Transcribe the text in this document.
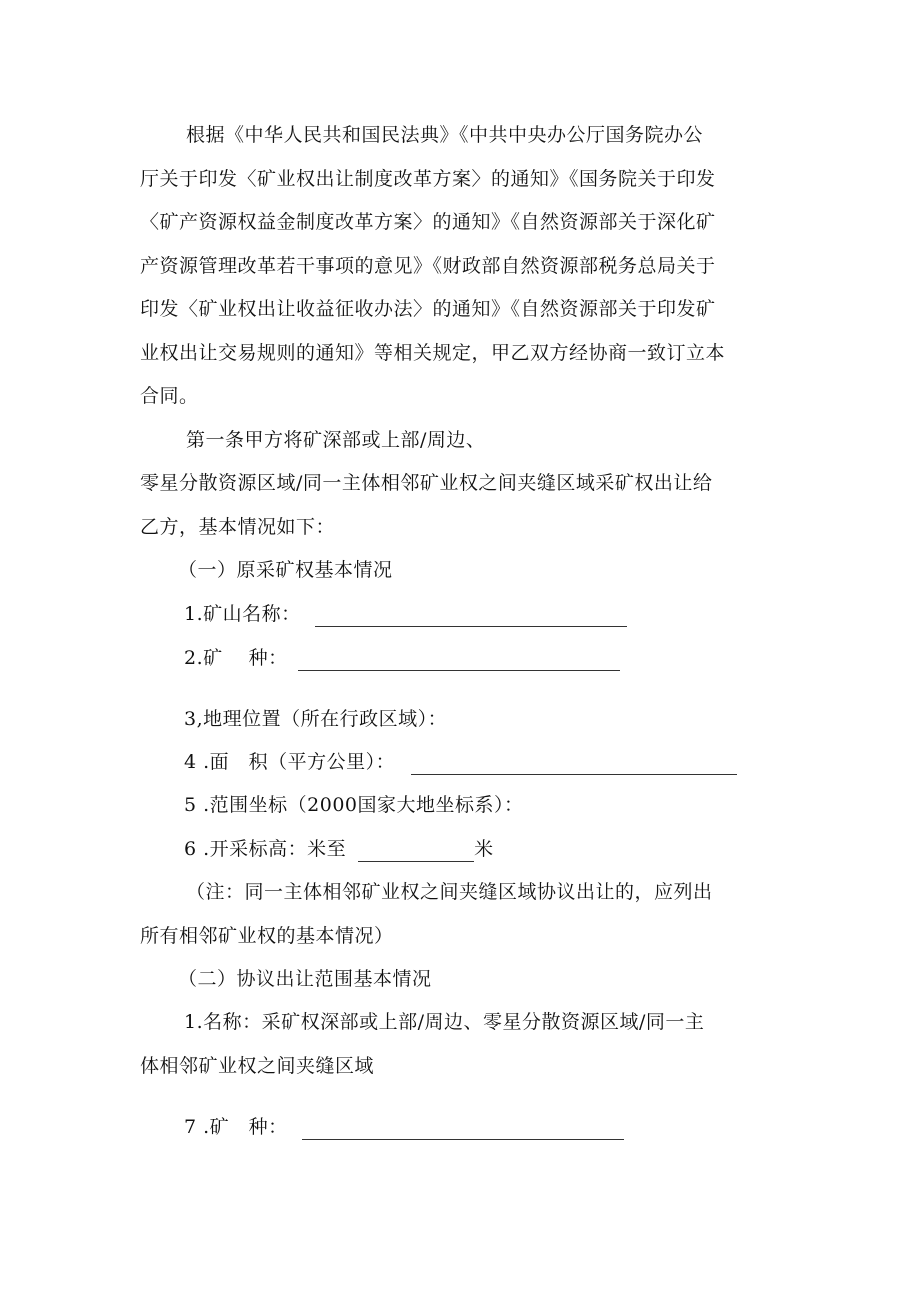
根据《中华人民共和国民法典》《中共中央办公厅国务院办公
厅关于印发〈矿业权出让制度改革方案〉的通知》《国务院关于印发
〈矿产资源权益金制度改革方案〉的通知》《自然资源部关于深化矿
产资源管理改革若干事项的意见》《财政部自然资源部税务总局关于
印发〈矿业权出让收益征收办法〉的通知》《自然资源部关于印发矿
业权出让交易规则的通知》等相关规定，甲乙双方经协商一致订立本
合同。
第一条甲方将矿深部或上部/周边、
零星分散资源区域/同一主体相邻矿业权之间夹缝区域采矿权出让给
乙方，基本情况如下：
（一）原采矿权基本情况
1.矿山名称：
2.矿　 种：
3,地理位置（所在行政区域）：
4 .面　积（平方公里）：
5 .范围坐标（2000国家大地坐标系）：
6 .开采标高：米至	米
（注：同一主体相邻矿业权之间夹缝区域协议出让的，应列出
所有相邻矿业权的基本情况）
（二）协议出让范围基本情况
1.名称：采矿权深部或上部/周边、零星分散资源区域/同一主
体相邻矿业权之间夹缝区域
7 .矿　种：
